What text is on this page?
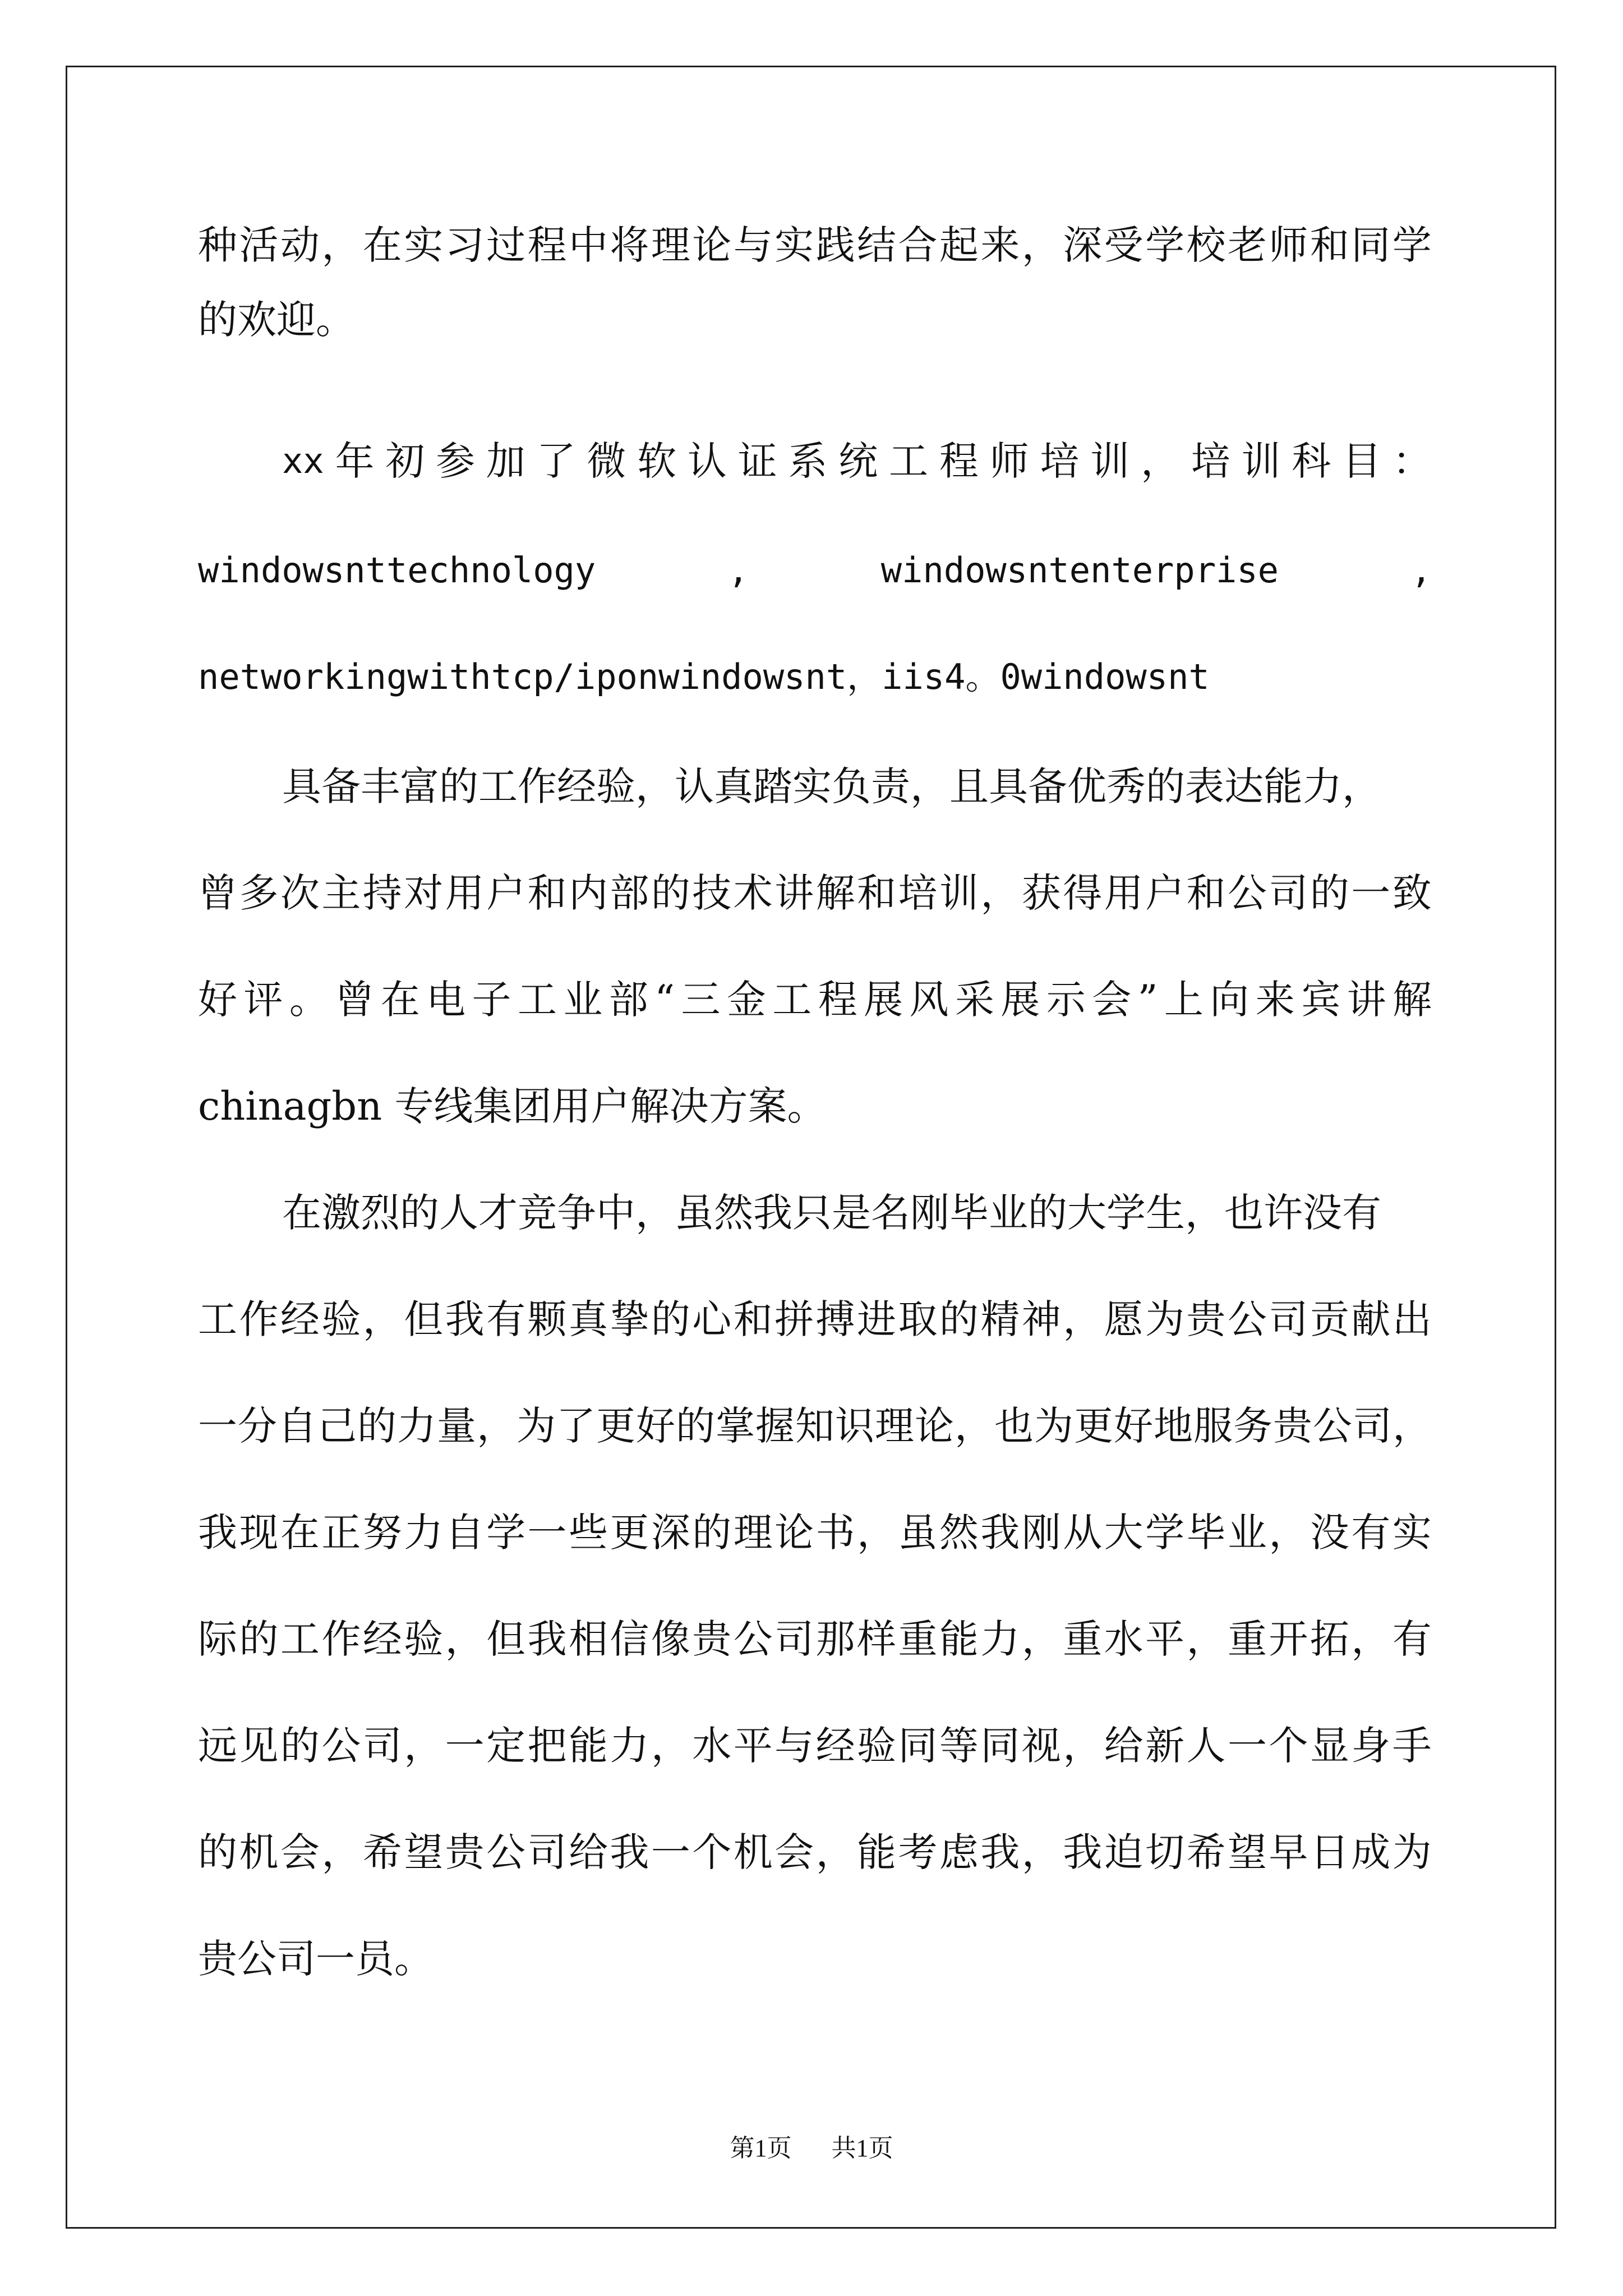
种 活 动 ， 在 实 习 过 程 中 将 理 论 与 实 践 结 合 起 来 ， 深 受 学 校 老 师 和 同 学
的欢迎。
xx 年 初 参 加 了 微 软 认 证 系 统 工 程 师 培 训 ， 培 训 科 目 ：
windowsnttechnology	,	windowsntenterprise	,
networkingwithtcp/iponwindowsnt，iis4。0windowsnt
具备丰富的工作经验，认真踏实负责，且具备优秀的表达能力，
曾 多 次 主 持 对 用 户 和 内 部 的 技 术 讲 解 和 培 训 ， 获 得 用 户 和 公 司 的 一 致
好 评 。 曾 在 电 子 工 业 部 “ 三 金 工 程 展 风 采 展 示 会 ” 上 向 来 宾 讲 解
chinagbn 专线集团用户解决方案。
在激烈的人才竞争中，虽然我只是名刚毕业的大学生，也许没有
工 作 经 验 ， 但 我 有 颗 真 挚 的 心 和 拼 搏 进 取 的 精 神 ， 愿 为 贵 公 司 贡 献 出
一 分 自 己 的 力 量 ， 为 了 更 好 的 掌 握 知 识 理 论 ， 也 为 更 好 地 服 务 贵 公 司 ，
我 现 在 正 努 力 自 学 一 些 更 深 的 理 论 书 ， 虽 然 我 刚 从 大 学 毕 业 ， 没 有 实
际 的 工 作 经 验 ， 但 我 相 信 像 贵 公 司 那 样 重 能 力 ， 重 水 平 ， 重 开 拓 ， 有
远 见 的 公 司 ， 一 定 把 能 力 ， 水 平 与 经 验 同 等 同 视 ， 给 新 人 一 个 显 身 手
的 机 会 ， 希 望 贵 公 司 给 我 一 个 机 会 ， 能 考 虑 我 ， 我 迫 切 希 望 早 日 成 为
贵公司一员。
第1页 共1页
